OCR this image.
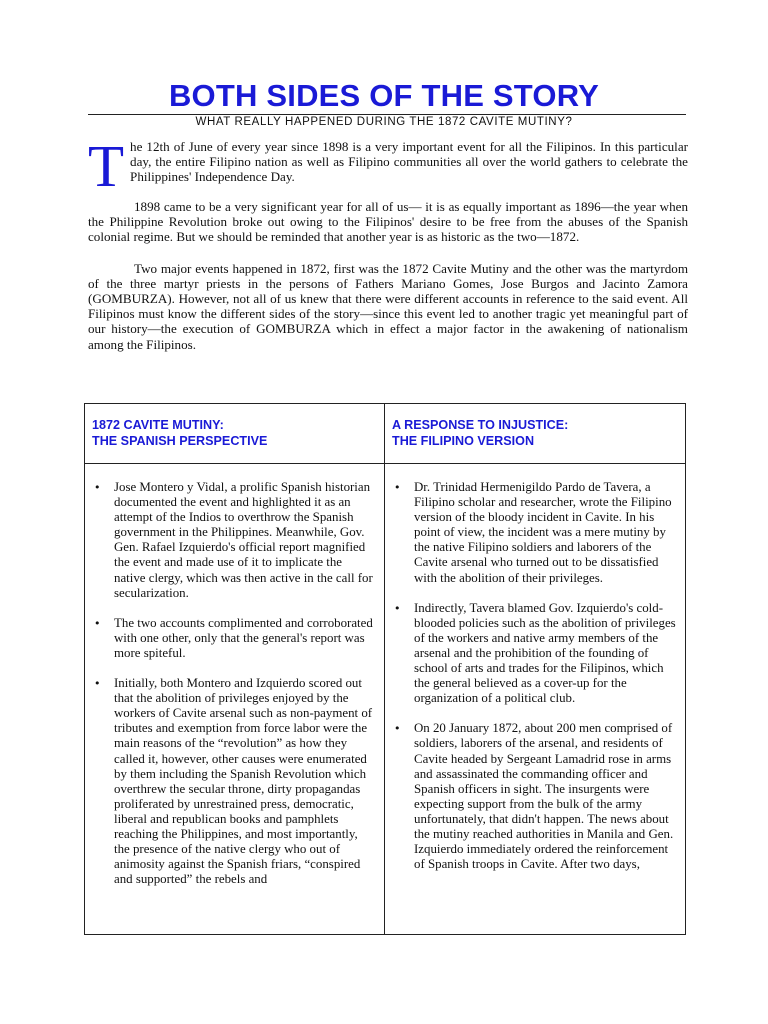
BOTH SIDES OF THE STORY
WHAT REALLY HAPPENED DURING THE 1872 CAVITE MUTINY?

The 12th of June of every year since 1898 is a very important event for all the Filipinos. In this particular day, the entire Filipino nation as well as Filipino communities all over the world gathers to celebrate the Philippines' Independence Day.

1898 came to be a very significant year for all of us— it is as equally important as 1896—the year when the Philippine Revolution broke out owing to the Filipinos' desire to be free from the abuses of the Spanish colonial regime. But we should be reminded that another year is as historic as the two—1872.

Two major events happened in 1872, first was the 1872 Cavite Mutiny and the other was the martyrdom of the three martyr priests in the persons of Fathers Mariano Gomes, Jose Burgos and Jacinto Zamora (GOMBURZA). However, not all of us knew that there were different accounts in reference to the said event. All Filipinos must know the different sides of the story—since this event led to another tragic yet meaningful part of our history—the execution of GOMBURZA which in effect a major factor in the awakening of nationalism among the Filipinos.

1872 CAVITE MUTINY:
THE SPANISH PERSPECTIVE
• Jose Montero y Vidal, a prolific Spanish historian documented the event and highlighted it as an attempt of the Indios to overthrow the Spanish government in the Philippines. Meanwhile, Gov. Gen. Rafael Izquierdo's official report magnified the event and made use of it to implicate the native clergy, which was then active in the call for secularization.
• The two accounts complimented and corroborated with one other, only that the general's report was more spiteful.
• Initially, both Montero and Izquierdo scored out that the abolition of privileges enjoyed by the workers of Cavite arsenal such as non-payment of tributes and exemption from force labor were the main reasons of the “revolution” as how they called it, however, other causes were enumerated by them including the Spanish Revolution which overthrew the secular throne, dirty propagandas proliferated by unrestrained press, democratic, liberal and republican books and pamphlets reaching the Philippines, and most importantly, the presence of the native clergy who out of animosity against the Spanish friars, “conspired and supported” the rebels and
A RESPONSE TO INJUSTICE:
THE FILIPINO VERSION
• Dr. Trinidad Hermenigildo Pardo de Tavera, a Filipino scholar and researcher, wrote the Filipino version of the bloody incident in Cavite. In his point of view, the incident was a mere mutiny by the native Filipino soldiers and laborers of the Cavite arsenal who turned out to be dissatisfied with the abolition of their privileges.
• Indirectly, Tavera blamed Gov. Izquierdo's cold-blooded policies such as the abolition of privileges of the workers and native army members of the arsenal and the prohibition of the founding of school of arts and trades for the Filipinos, which the general believed as a cover-up for the organization of a political club.
• On 20 January 1872, about 200 men comprised of soldiers, laborers of the arsenal, and residents of Cavite headed by Sergeant Lamadrid rose in arms and assassinated the commanding officer and Spanish officers in sight. The insurgents were expecting support from the bulk of the army unfortunately, that didn't happen. The news about the mutiny reached authorities in Manila and Gen. Izquierdo immediately ordered the reinforcement of Spanish troops in Cavite. After two days,
